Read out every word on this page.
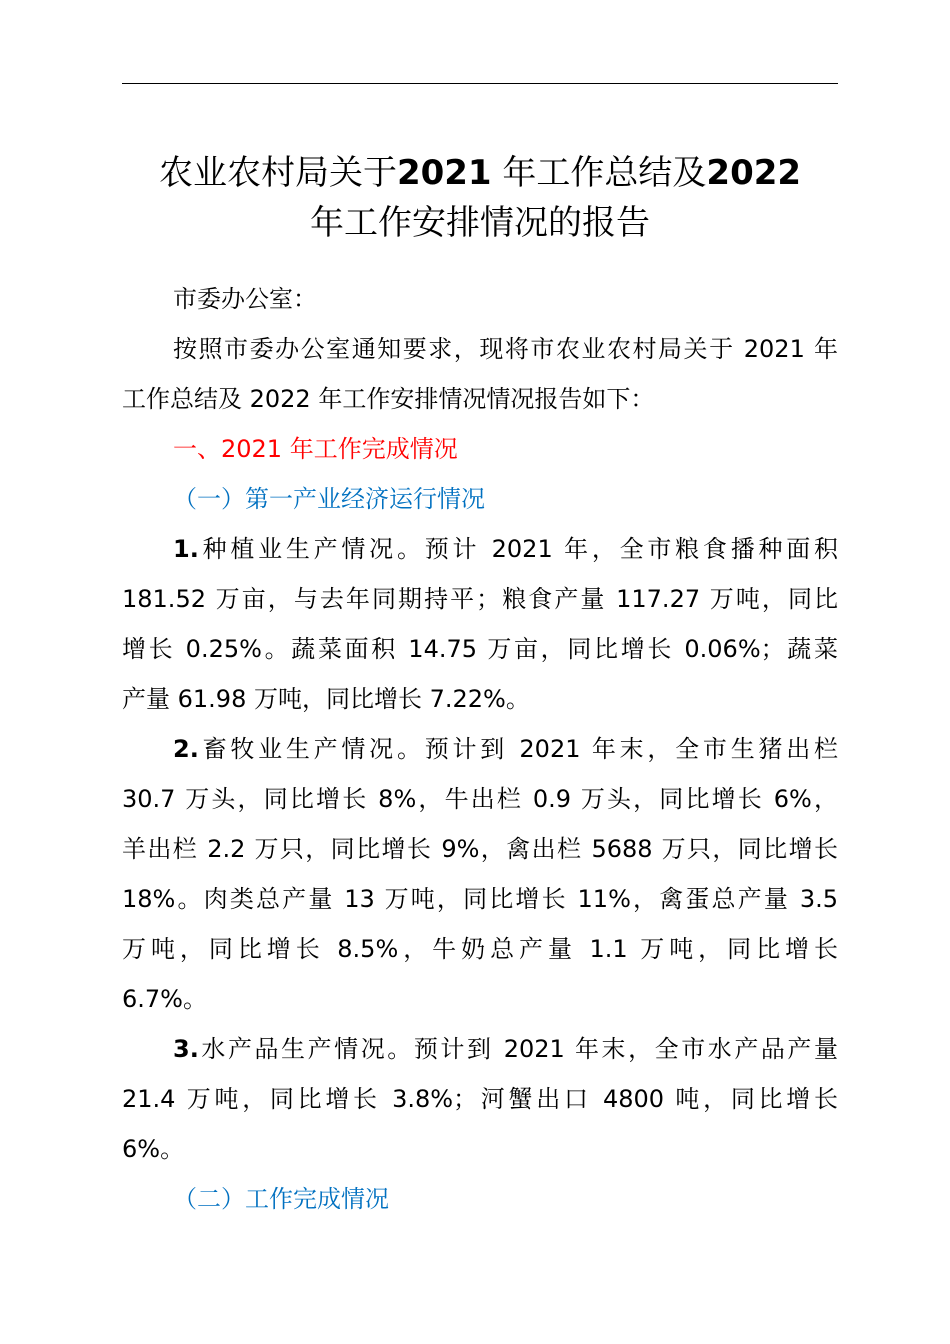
农业农村局关于2021 年工作总结及2022
年工作安排情况的报告

市委办公室：

按照市委办公室通知要求，现将市农业农村局关于 2021 年

工作总结及 2022 年工作安排情况情况报告如下：

一、2021 年工作完成情况

（一）第一产业经济运行情况

1.种植业生产情况。预计 2021 年，全市粮食播种面积

181.52 万亩，与去年同期持平；粮食产量 117.27 万吨，同比

增长 0.25%。蔬菜面积 14.75 万亩，同比增长 0.06%；蔬菜

产量 61.98 万吨，同比增长 7.22%。

2.畜牧业生产情况。预计到 2021 年末，全市生猪出栏

30.7 万头，同比增长 8%，牛出栏 0.9 万头，同比增长 6%，

羊出栏 2.2 万只，同比增长 9%，禽出栏 5688 万只，同比增长

18%。肉类总产量 13 万吨，同比增长 11%，禽蛋总产量 3.5

万吨，同比增长 8.5%，牛奶总产量 1.1 万吨，同比增长

6.7%。

3.水产品生产情况。预计到 2021 年末，全市水产品产量

21.4 万吨，同比增长 3.8%；河蟹出口 4800 吨，同比增长

6%。

（二）工作完成情况
